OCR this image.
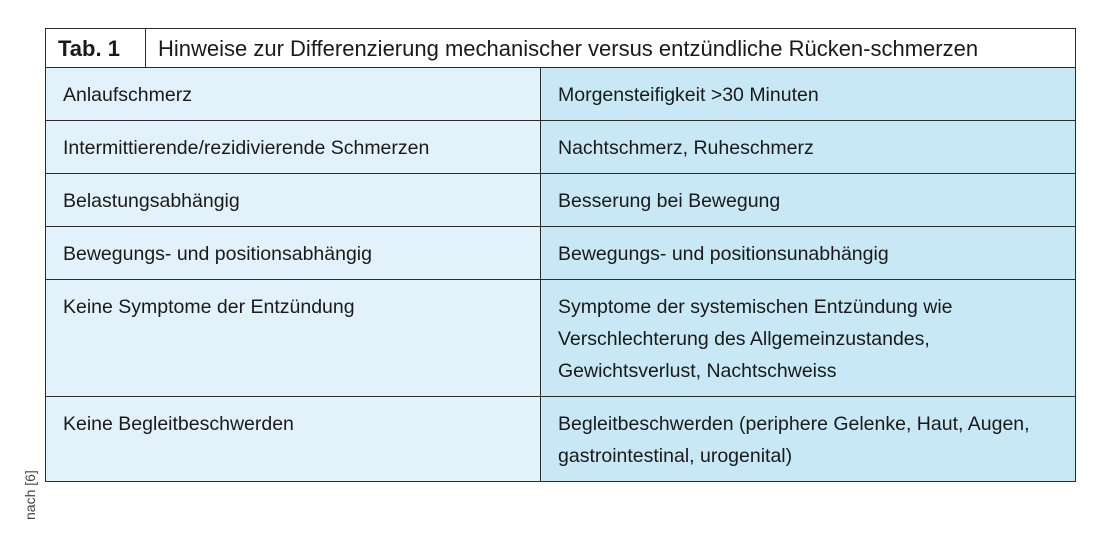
nach [6]
Tab. 1	Hinweise zur Differenzierung mechanischer versus entzündliche Rücken-schmerzen	
Anlaufschmerz		Morgensteifigkeit >30 Minuten
Intermittierende/rezidivierende Schmerzen		Nachtschmerz, Ruheschmerz
Belastungsabhängig		Besserung bei Bewegung
Bewegungs- und positionsabhängig		Bewegungs- und positionsunabhängig
Keine Symptome der Entzündung		Symptome der systemischen Entzündung wie Verschlechterung des Allgemeinzustandes, Gewichtsverlust, Nachtschweiss
Keine Begleitbeschwerden		Begleitbeschwerden (periphere Gelenke, Haut, Augen, gastrointestinal, urogenital)
